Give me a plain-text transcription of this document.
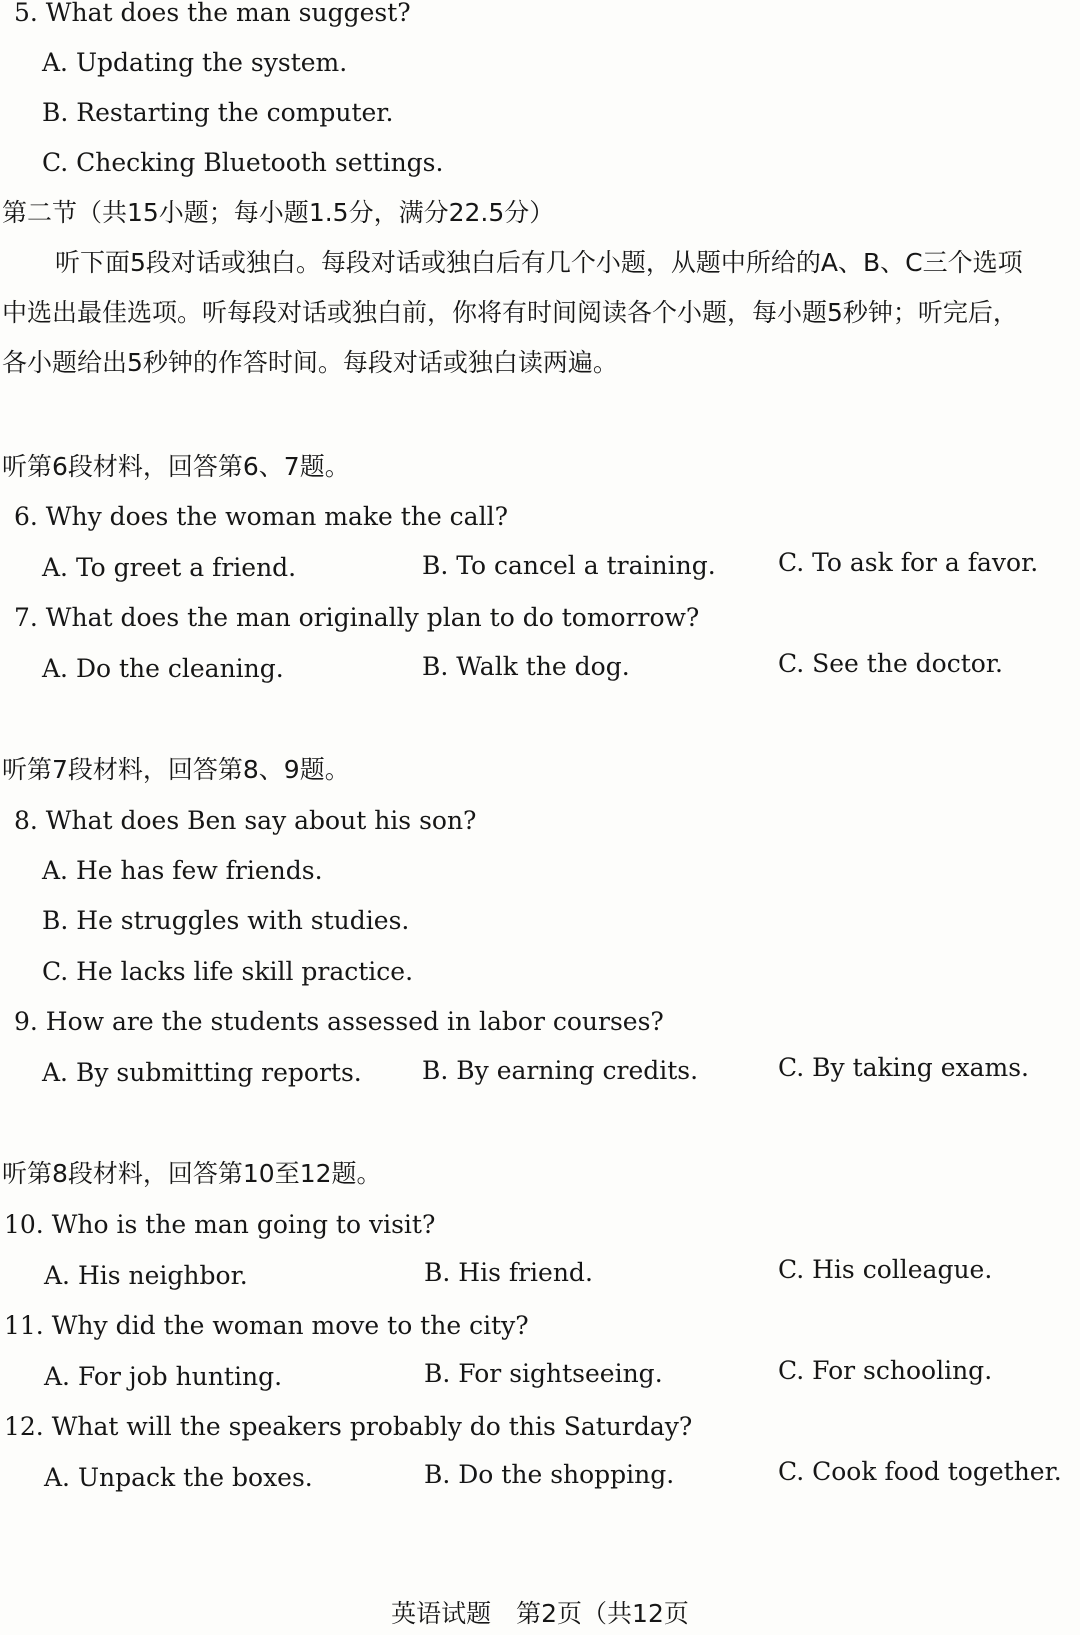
5. What does the man suggest?
A. Updating the system.
B. Restarting the computer.
C. Checking Bluetooth settings.
第二节（共15小题；每小题1.5分，满分22.5分）
听下面5段对话或独白。每段对话或独白后有几个小题，从题中所给的A、B、C三个选项
中选出最佳选项。听每段对话或独白前，你将有时间阅读各个小题，每小题5秒钟；听完后，
各小题给出5秒钟的作答时间。每段对话或独白读两遍。
听第6段材料，回答第6、7题。
6. Why does the woman make the call?
A. To greet a friend.	B. To cancel a training. C. To ask for a favor.
7. What does the man originally plan to do tomorrow?
A. Do the cleaning.	B. Walk the dog.	C. See the doctor.
听第7段材料，回答第8、9题。
8. What does Ben say about his son?
A. He has few friends.
B. He struggles with studies.
C. He lacks life skill practice.
9. How are the students assessed in labor courses?
A. By submitting reports. B. By earning credits.	C. By taking exams.
听第8段材料，回答第10至12题。
10. Who is the man going to visit?
A. His neighbor.	B. His friend.	C. His colleague.
11. Why did the woman move to the city?
A. For job hunting.	B. For sightseeing.	C. For schooling.
12. What will the speakers probably do this Saturday?
A. Unpack the boxes.	B. Do the shopping.	C. Cook food together.
英语试题　第2页（共12页
